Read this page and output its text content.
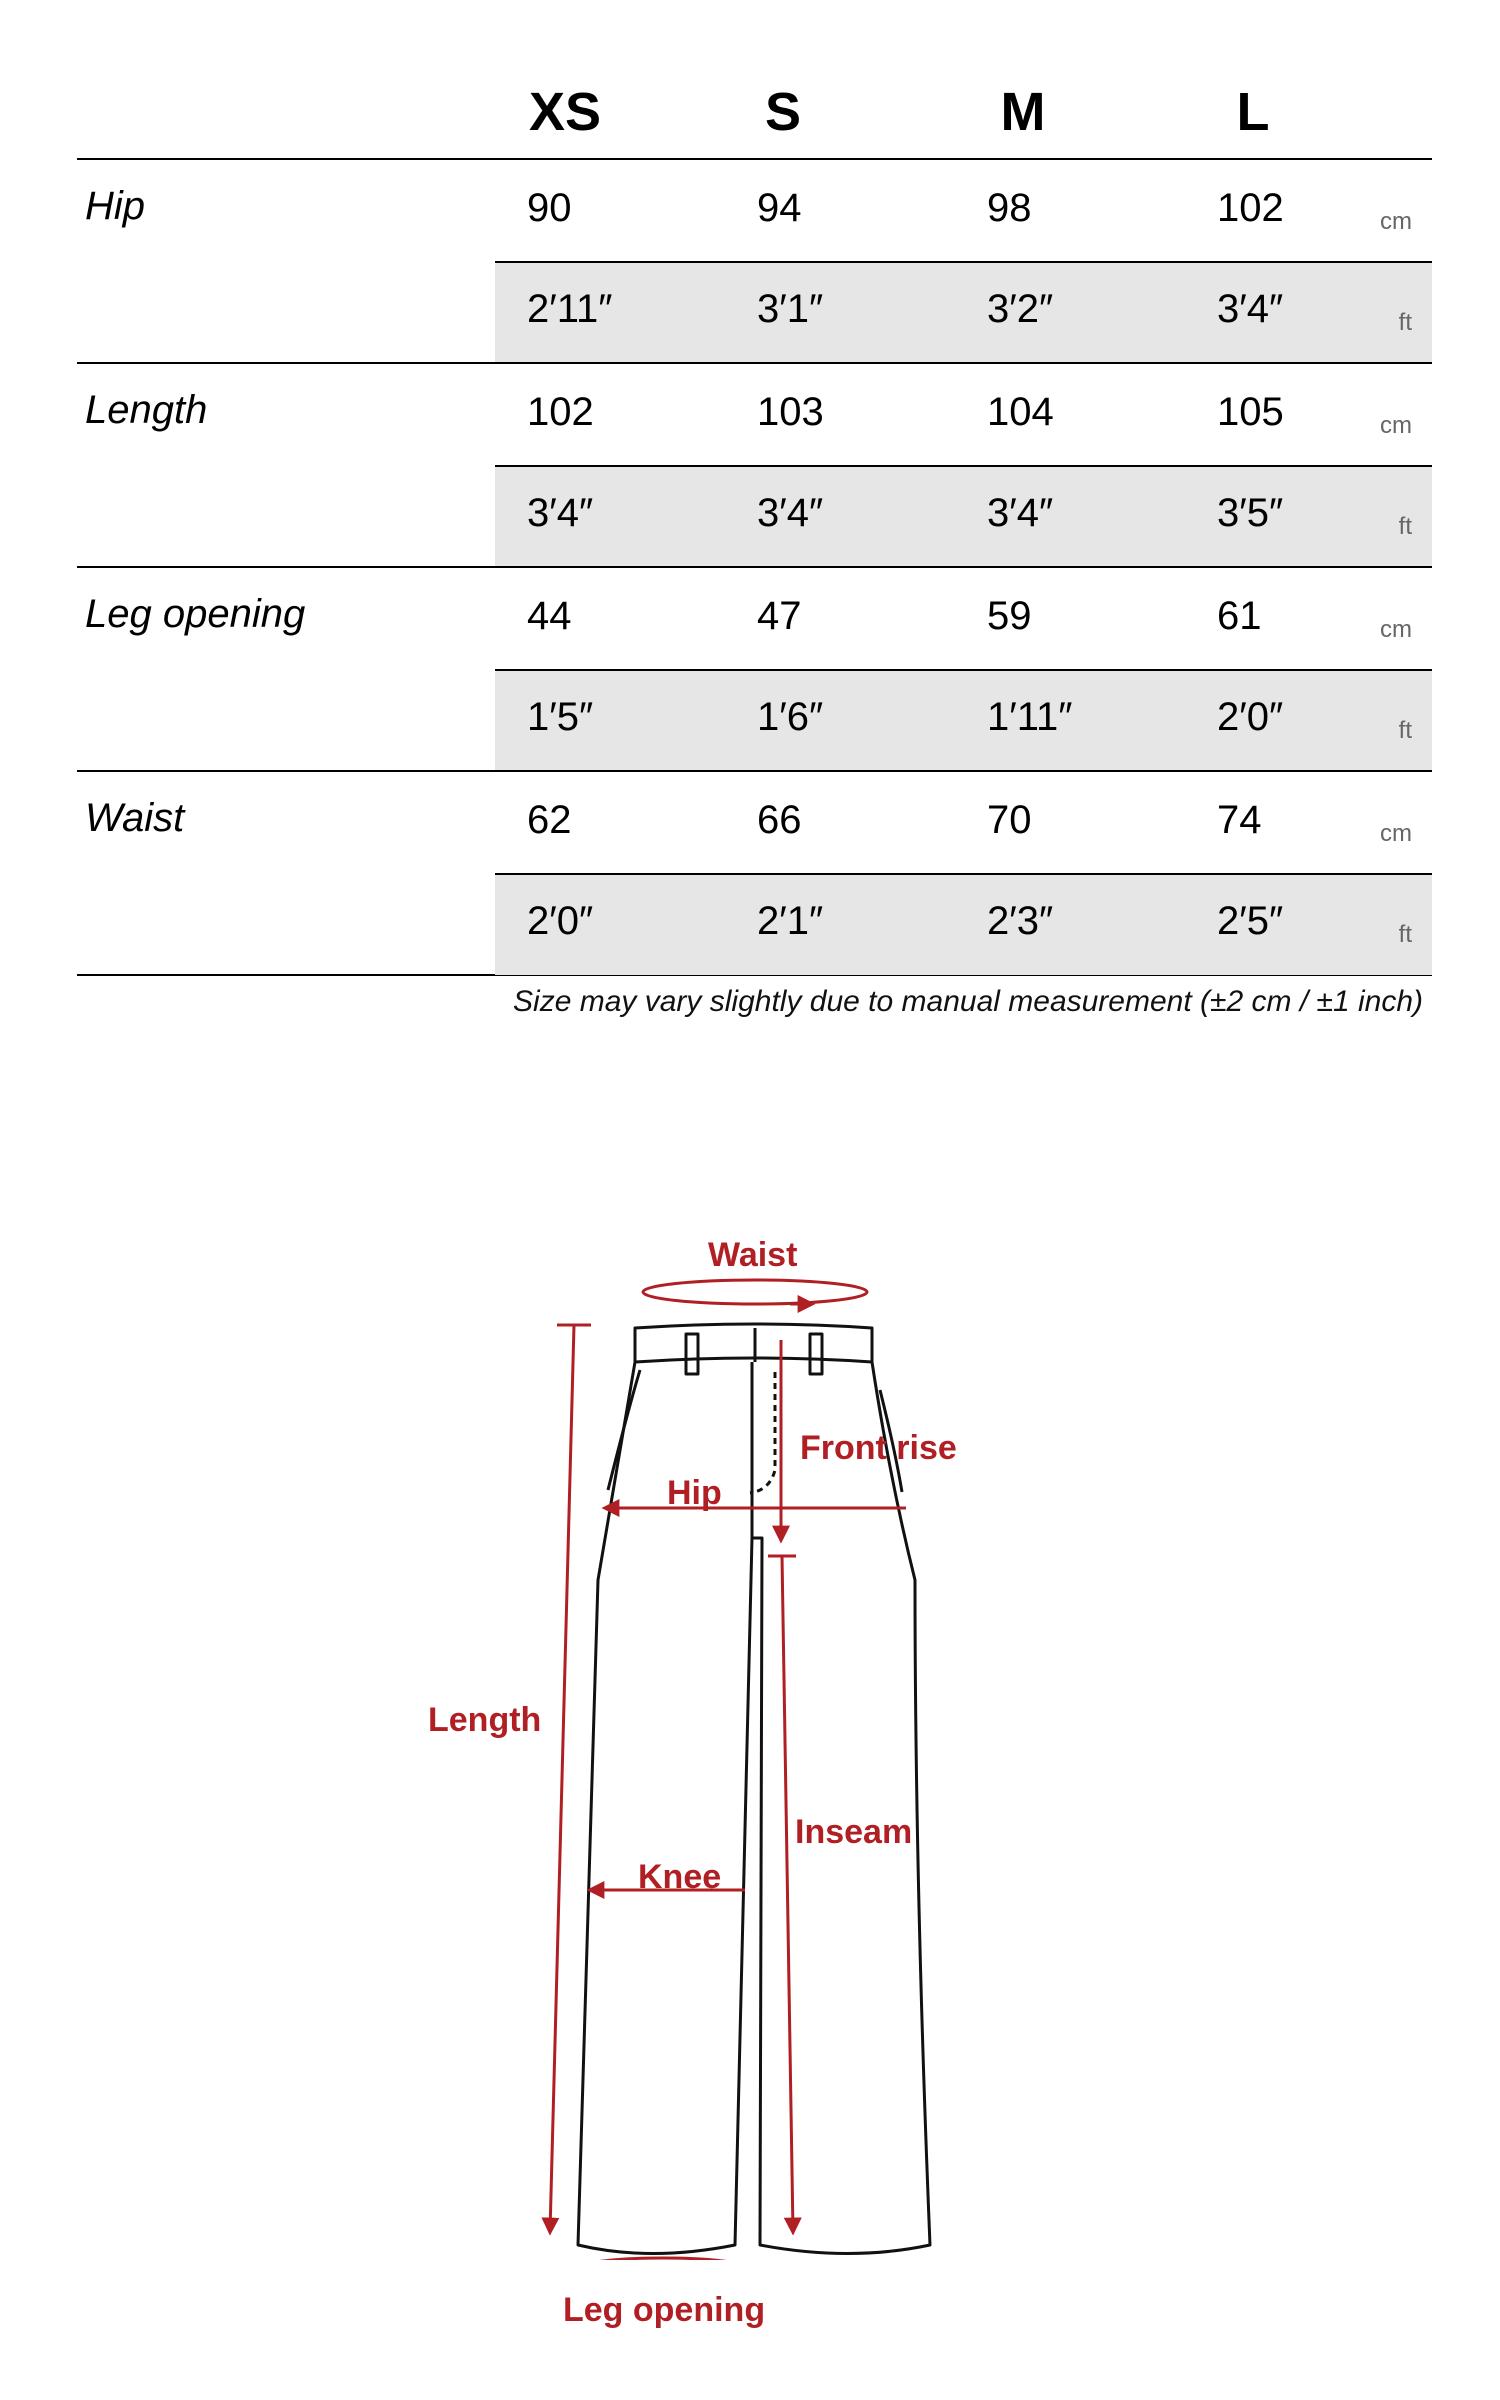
XS	S	M	L
Hip	90	94	98	102	cm
2′11″	3′1″	3′2″	3′4″	ft
Length	102	103	104	105	cm
3′4″	3′4″	3′4″	3′5″	ft
Leg opening	44	47	59	61	cm
1′5″	1′6″	1′11″	2′0″	ft
Waist	62	66	70	74	cm
2′0″	2′1″	2′3″	2′5″	ft
Size may vary slightly due to manual measurement (±2 cm / ±1 inch)
Waist
Front rise
Hip
Length
Inseam
Knee
Leg opening
